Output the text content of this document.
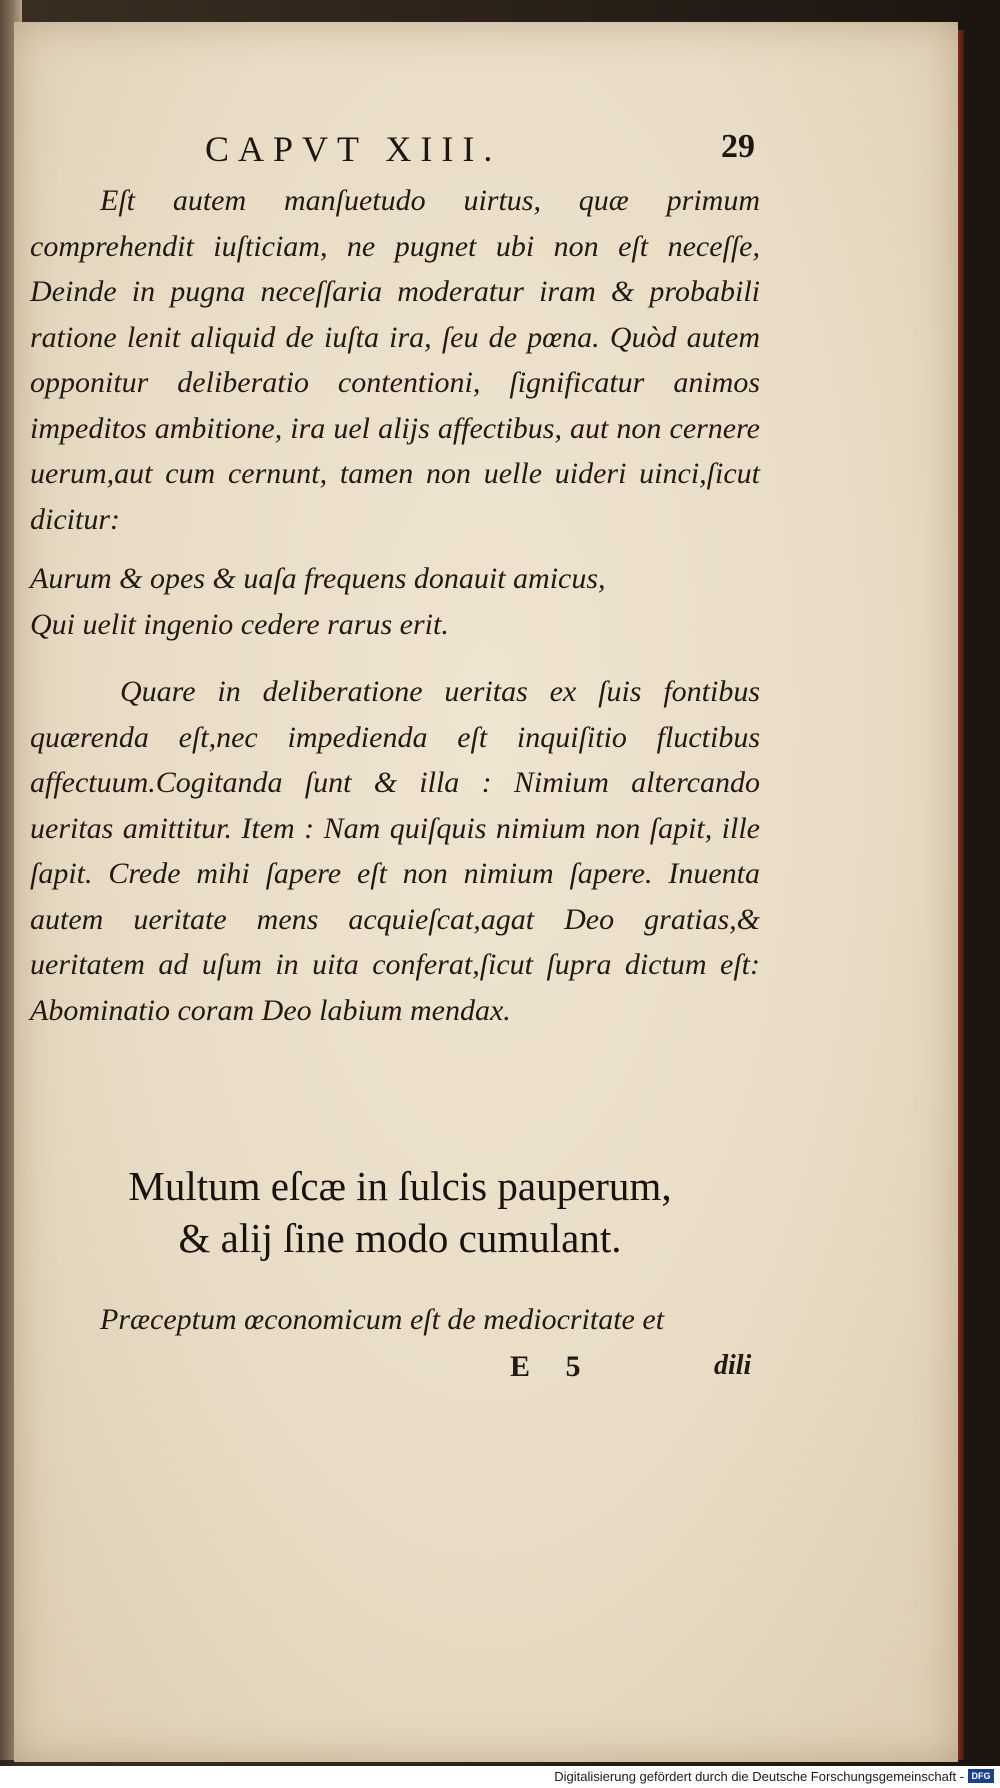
CAPVT XIII.	29

Eſt autem manſuetudo uirtus, quæ primum comprehendit iuſticiam, ne pugnet ubi non eſt neceſſe, Deinde in pugna neceſſaria moderatur iram & probabili ratione lenit aliquid de iuſta ira, ſeu de pœna. Quòd autem opponitur deliberatio contentioni, ſignificatur animos impeditos ambitione, ira uel alijs affectibus, aut non cernere uerum,aut cum cernunt, tamen non uelle uideri uinci,ſicut dicitur:

Aurum & opes & uaſa frequens donauit amicus,

Qui uelit ingenio cedere rarus erit.

Quare in deliberatione ueritas ex ſuis fontibus quærenda eſt,nec impedienda eſt inquiſitio fluctibus affectuum.Cogitanda ſunt & illa : Nimium altercando ueritas amittitur. Item : Nam quiſquis nimium non ſapit, ille ſapit. Crede mihi ſapere eſt non nimium ſapere. Inuenta autem ueritate mens acquieſcat,agat Deo gratias,& ueritatem ad uſum in uita conferat,ſicut ſupra dictum eſt: Abominatio coram Deo labium mendax.

Multum eſcæ in ſulcis pauperum,

& alij ſine modo cumulant.

Præceptum œconomicum eſt de mediocritate et
E 5	dili
Digitalisierung gefördert durch die Deutsche Forschungsgemeinschaft - DFG
